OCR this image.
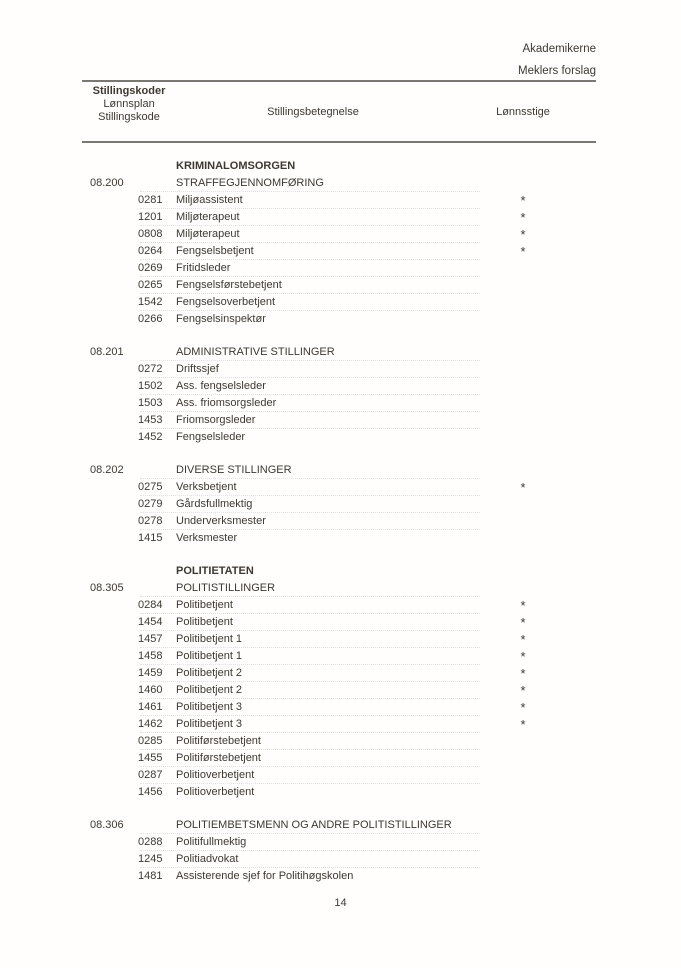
Akademikerne
Meklers forslag
Stillingskoder
Lønnsplan
Stillingskode	Stillingsbetegnelse	Lønnsstige
KRIMINALOMSORGEN
08.200	STRAFFEGJENNOMFØRING
0281	Miljøassistent	*
1201	Miljøterapeut	*
0808	Miljøterapeut	*
0264	Fengselsbetjent	*
0269	Fritidsleder
0265	Fengselsførstebetjent
1542	Fengselsoverbetjent
0266	Fengselsinspektør
08.201	ADMINISTRATIVE STILLINGER
0272	Driftssjef
1502	Ass. fengselsleder
1503	Ass. friomsorgsleder
1453	Friomsorgsleder
1452	Fengselsleder
08.202	DIVERSE STILLINGER
0275	Verksbetjent	*
0279	Gårdsfullmektig
0278	Underverksmester
1415	Verksmester
POLITIETATEN
08.305	POLITISTILLINGER
0284	Politibetjent	*
1454	Politibetjent	*
1457	Politibetjent 1	*
1458	Politibetjent 1	*
1459	Politibetjent 2	*
1460	Politibetjent 2	*
1461	Politibetjent 3	*
1462	Politibetjent 3	*
0285	Politiførstebetjent
1455	Politiførstebetjent
0287	Politioverbetjent
1456	Politioverbetjent
08.306	POLITIEMBETSMENN OG ANDRE POLITISTILLINGER
0288	Politifullmektig
1245	Politiadvokat
1481	Assisterende sjef for Politihøgskolen
14
